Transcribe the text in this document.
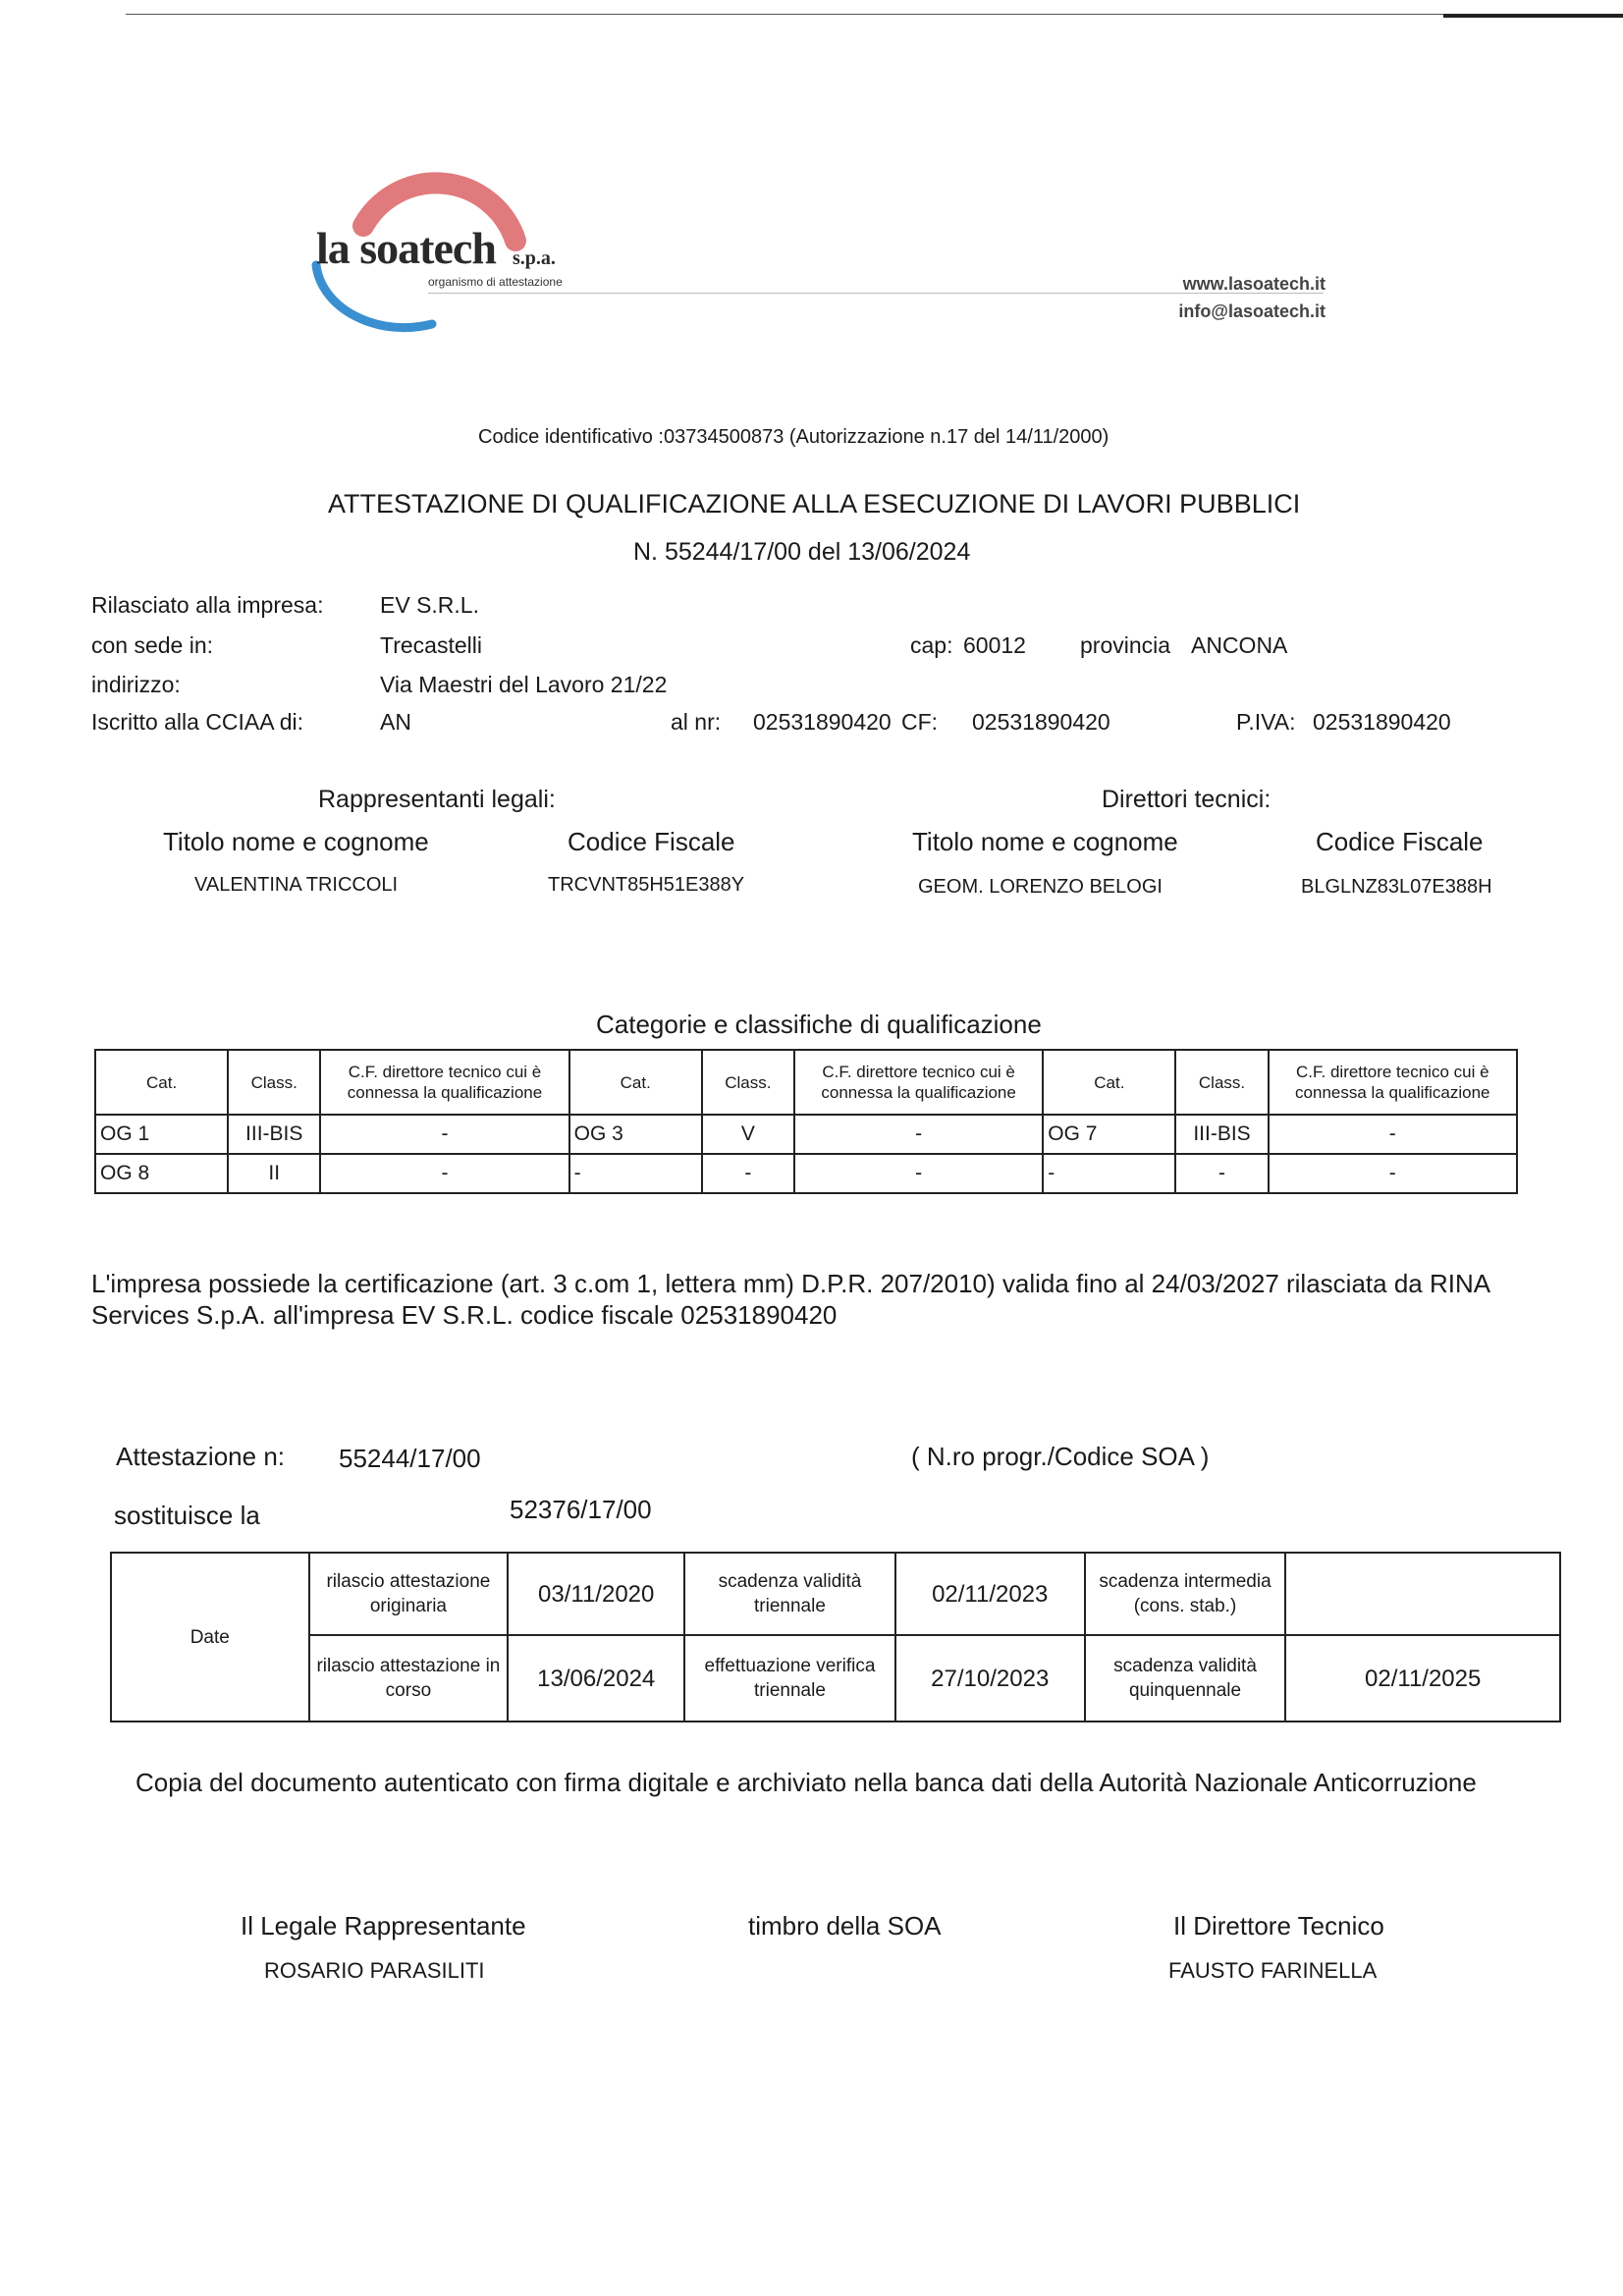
la soatech s.p.a.
organismo di attestazione	www.lasoatech.it
info@lasoatech.it
Codice identificativo :03734500873 (Autorizzazione n.17 del 14/11/2000)
ATTESTAZIONE DI QUALIFICAZIONE ALLA ESECUZIONE DI LAVORI PUBBLICI
N. 55244/17/00 del 13/06/2024
Rilasciato alla impresa:	EV S.R.L.
con sede in:	Trecastelli	cap: 60012 provincia ANCONA
indirizzo:	Via Maestri del Lavoro 21/22
Iscritto alla CCIAA di:	AN	al nr: 02531890420 CF: 02531890420	P.IVA: 02531890420
Rappresentanti legali:	Direttori tecnici:
Titolo nome e cognome	Codice Fiscale	Titolo nome e cognome	Codice Fiscale
VALENTINA TRICCOLI	TRCVNT85H51E388Y	GEOM. LORENZO BELOGI	BLGLNZ83L07E388H
Categorie e classifiche di qualificazione
Cat.	Class.	C.F. direttore tecnico cui è connessa la qualificazione	Cat.	Class.	C.F. direttore tecnico cui è connessa la qualificazione	Cat.	Class.	C.F. direttore tecnico cui è connessa la qualificazione
OG 1	III-BIS	-	OG 3	V	-	OG 7	III-BIS	-
OG 8	II	-	-	-	-	-	-	-
L'impresa possiede la certificazione (art. 3 c.om 1, lettera mm) D.P.R. 207/2010) valida fino al 24/03/2027 rilasciata da RINA
Services S.p.A. all'impresa EV S.R.L. codice fiscale 02531890420
Attestazione n: 55244/17/00	( N.ro progr./Codice SOA )
sostituisce la	52376/17/00
Date	rilascio attestazione originaria	03/11/2020	scadenza validità triennale	02/11/2023	scadenza intermedia (cons. stab.)	
	rilascio attestazione in corso	13/06/2024	effettuazione verifica triennale	27/10/2023	scadenza validità quinquennale	02/11/2025
Copia del documento autenticato con firma digitale e archiviato nella banca dati della Autorità Nazionale Anticorruzione
Il Legale Rappresentante	timbro della SOA	Il Direttore Tecnico
ROSARIO PARASILITI	FAUSTO FARINELLA
